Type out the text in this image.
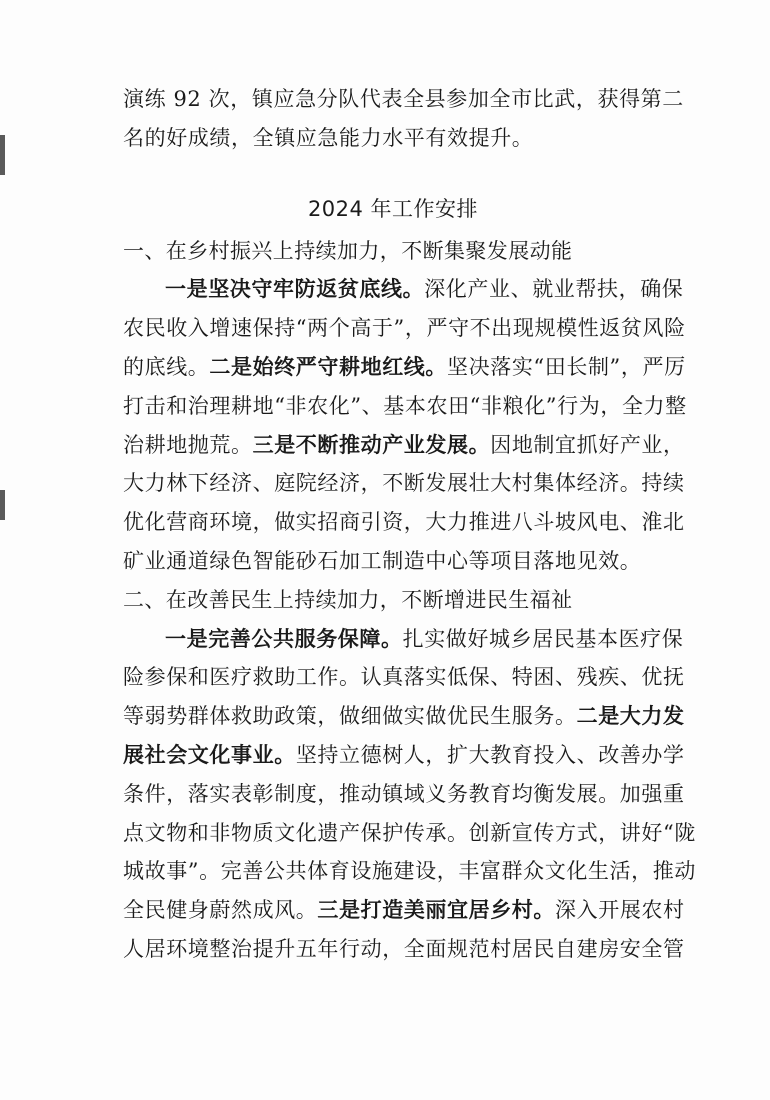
演练 92 次，镇应急分队代表全县参加全市比武，获得第二
名的好成绩，全镇应急能力水平有效提升。
2024 年工作安排
一、在乡村振兴上持续加力，不断集聚发展动能
一是坚决守牢防返贫底线。深化产业、就业帮扶，确保
农民收入增速保持“两个高于”，严守不出现规模性返贫风险
的底线。二是始终严守耕地红线。坚决落实“田长制”，严厉
打击和治理耕地“非农化”、基本农田“非粮化”行为，全力整
治耕地抛荒。三是不断推动产业发展。因地制宜抓好产业，
大力林下经济、庭院经济，不断发展壮大村集体经济。持续
优化营商环境，做实招商引资，大力推进八斗坡风电、淮北
矿业通道绿色智能砂石加工制造中心等项目落地见效。
二、在改善民生上持续加力，不断增进民生福祉
一是完善公共服务保障。扎实做好城乡居民基本医疗保
险参保和医疗救助工作。认真落实低保、特困、残疾、优抚
等弱势群体救助政策，做细做实做优民生服务。二是大力发
展社会文化事业。坚持立德树人，扩大教育投入、改善办学
条件，落实表彰制度，推动镇域义务教育均衡发展。加强重
点文物和非物质文化遗产保护传承。创新宣传方式，讲好“陇
城故事”。完善公共体育设施建设，丰富群众文化生活，推动
全民健身蔚然成风。三是打造美丽宜居乡村。深入开展农村
人居环境整治提升五年行动，全面规范村居民自建房安全管
